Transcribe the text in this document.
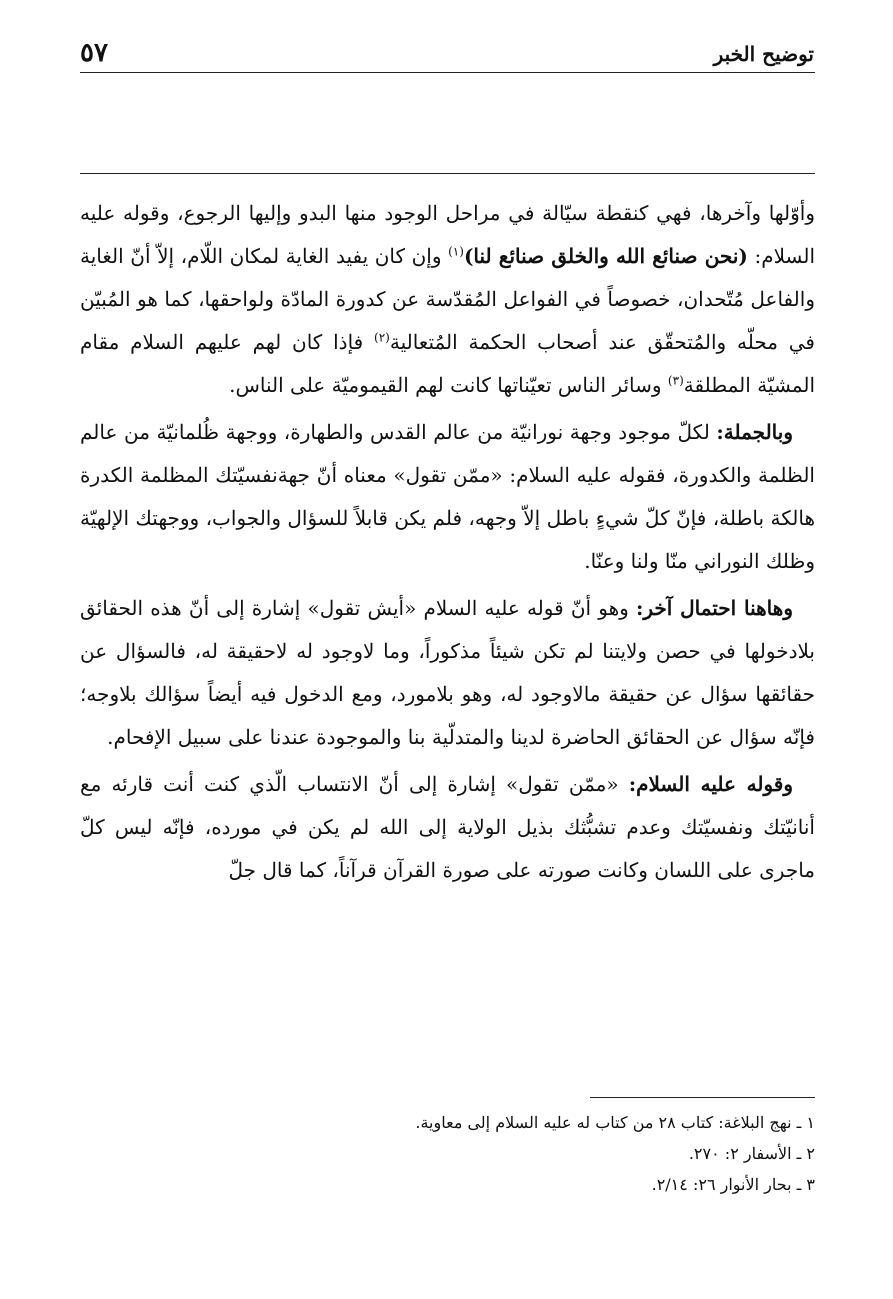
توضيح الخبر
٥٧

وأوّلها وآخرها، فهي كنقطة سيّالة في مراحل الوجود منها البدو وإليها الرجوع، وقوله عليه السلام: (نحن صنائع الله والخلق صنائع لنا)$^{(١)}$ وإن كان يفيد الغاية لمكان اللّام، إلاّ أنّ الغاية والفاعل مُتّحدان، خصوصاً في الفواعل المُقدّسة عن كدورة المادّة ولواحقها، كما هو المُبيّن في محلّه والمُتحقّق عند أصحاب الحكمة المُتعالية$^{(٢)}$ فإذا كان لهم عليهم السلام مقام المشيّة المطلقة$^{(٣)}$ وسائر الناس تعيّناتها كانت لهم القيموميّة على الناس.

وبالجملة: لكلّ موجود وجهة نورانيّة من عالم القدس والطهارة، ووجهة ظُلمانيّة من عالم الظلمة والكدورة، فقوله عليه السلام: «ممّن تقول» معناه أنّ جهةنفسيّتك المظلمة الكدرة هالكة باطلة، فإنّ كلّ شيءٍ باطل إلاّ وجهه، فلم يكن قابلاً للسؤال والجواب، ووجهتك الإلهيّة وظلك النوراني منّا ولنا وعنّا.

وهاهنا احتمال آخر: وهو أنّ قوله عليه السلام «أيش تقول» إشارة إلى أنّ هذه الحقائق بلادخولها في حصن ولايتنا لم تكن شيئاً مذكوراً، وما لاوجود له لاحقيقة له، فالسؤال عن حقائقها سؤال عن حقيقة مالاوجود له، وهو بلامورد، ومع الدخول فيه أيضاً سؤالك بلاوجه؛ فإنّه سؤال عن الحقائق الحاضرة لدينا والمتدلّية بنا والموجودة عندنا على سبيل الإفحام.

وقوله عليه السلام: «ممّن تقول» إشارة إلى أنّ الانتساب الّذي كنت أنت قارئه مع أنانيّتك ونفسيّتك وعدم تشبُّثك بذيل الولاية إلى الله لم يكن في مورده، فإنّه ليس كلّ ماجرى على اللسان وكانت صورته على صورة القرآن قرآناً، كما قال جلّ

١ ـ نهج البلاغة: كتاب ٢٨ من كتاب له عليه السلام إلى معاوية.
٢ ـ الأسفار ٢: ٢٧٠.
٣ ـ بحار الأنوار ٢٦: ٢/١٤.
